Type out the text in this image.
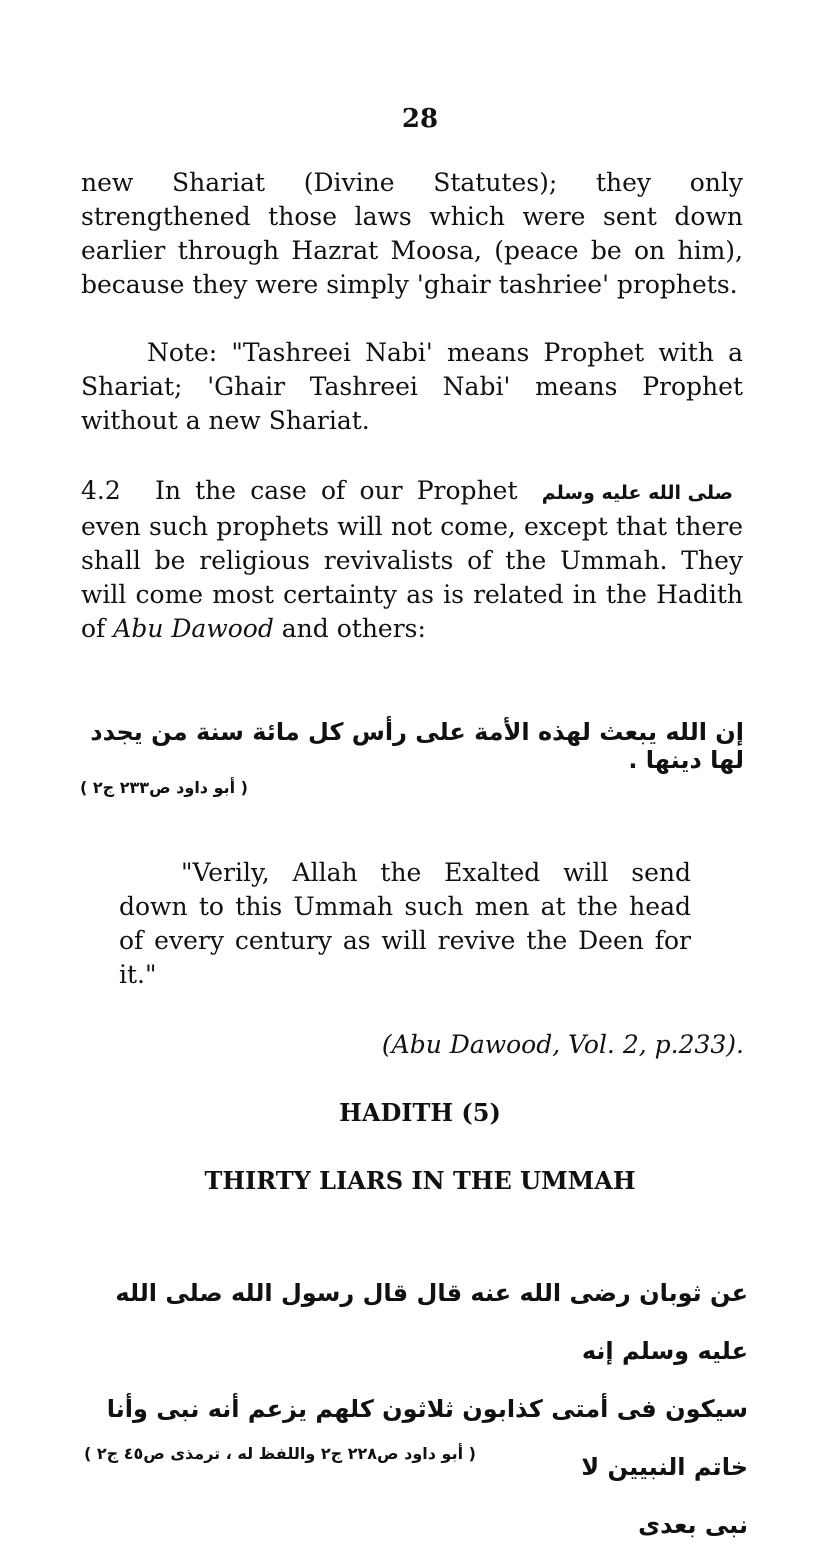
28
new Shariat (Divine Statutes); they only strengthened those laws which were sent down earlier through Hazrat Moosa, (peace be on him), because they were simply 'ghair tashriee' prophets.
Note: "Tashreei Nabi' means Prophet with a Shariat; 'Ghair Tashreei Nabi' means Prophet without a new Shariat.
4.2 In the case of our Prophet صلى الله عليه وسلم even such prophets will not come, except that there shall be religious revivalists of the Ummah. They will come most certainty as is related in the Hadith of Abu Dawood and others:
إن الله يبعث لهذه الأمة على رأس كل مائة سنة من يجدد لها دينها .
( أبو داود ص٢٣٣ ج٢ )
"Verily, Allah the Exalted will send down to this Ummah such men at the head of every century as will revive the Deen for it."
(Abu Dawood, Vol. 2, p.233).
HADITH (5)
THIRTY LIARS IN THE UMMAH
عن ثوبان رضى الله عنه قال قال رسول الله صلى الله عليه وسلم إنه
سيكون فى أمتى كذابون ثلاثون كلهم يزعم أنه نبى وأنا خاتم النبيين لا
نبى بعدى
( أبو داود ص٢٢٨ ج٢ واللفظ له ، ترمذى ص٤٥ ج٢ )
